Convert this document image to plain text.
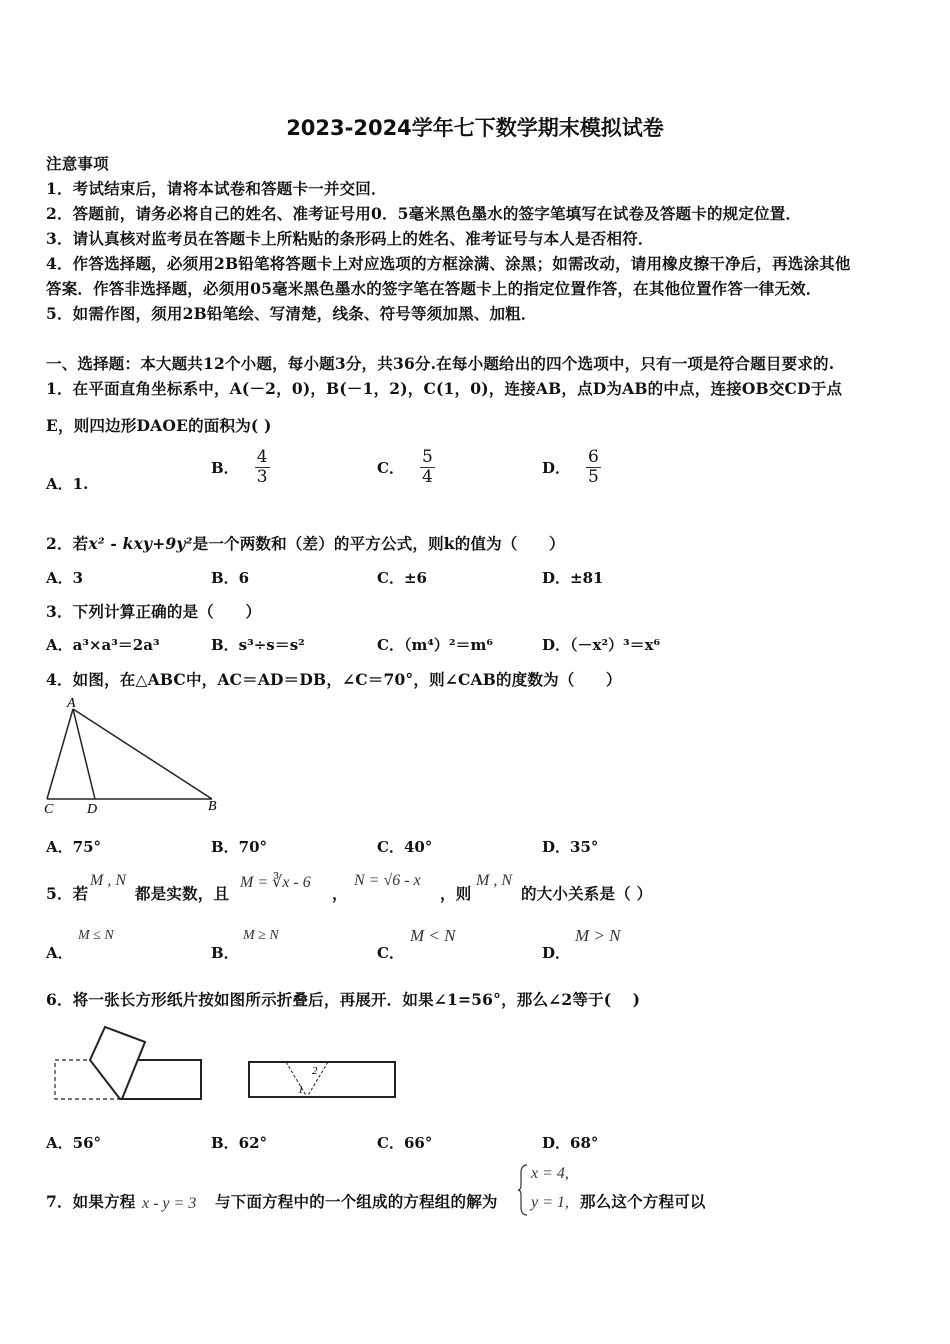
2023-2024学年七下数学期末模拟试卷
注意事项
1．考试结束后，请将本试卷和答题卡一并交回．
2．答题前，请务必将自己的姓名、准考证号用0．5毫米黑色墨水的签字笔填写在试卷及答题卡的规定位置．
3．请认真核对监考员在答题卡上所粘贴的条形码上的姓名、准考证号与本人是否相符．
4．作答选择题，必须用2B铅笔将答题卡上对应选项的方框涂满、涂黑；如需改动，请用橡皮擦干净后，再选涂其他
答案．作答非选择题，必须用05毫米黑色墨水的签字笔在答题卡上的指定位置作答，在其他位置作答一律无效．
5．如需作图，须用2B铅笔绘、写清楚，线条、符号等须加黑、加粗．
一、选择题：本大题共12个小题，每小题3分，共36分.在每小题给出的四个选项中，只有一项是符合题目要求的.
1．在平面直角坐标系中，A(－2，0)，B(－1，2)，C(1，0)，连接AB，点D为AB的中点，连接OB交CD于点
E，则四边形DAOE的面积为( )
A．1.
B． $\frac{4}{3}$	C． $\frac{5}{4}$	D． $\frac{6}{5}$
2．若x² - kxy+9y²是一个两数和（差）的平方公式，则k的值为（　　）
A．3	B．6	C．±6	D．±81
3．下列计算正确的是（　　）
A．a³×a³＝2a³	B．s³÷s＝s²	C．（m⁴）²＝m⁶	D．（－x²）³＝x⁶
4．如图，在△ABC中，AC＝AD＝DB，∠C＝70°，则∠CAB的度数为（　　）
A
C D	B
A．75°	B．70°	C．40°	D．35°
5．若
M , N
都是实数，且
M = ∛x - 6
，
N = √6 - x
，则
M , N
的大小关系是（ ）
A．
M ≤ N
B．
M ≥ N
C．
M < N
D．
M > N
6．将一张长方形纸片按如图所示折叠后，再展开．如果∠1=56°，那么∠2等于(　 )
2
1
A．56°	B．62°	C．66°	D．68°
7．如果方程 x - y = 3 与下面方程中的一个组成的方程组的解为
x = 4,
y = 1, 那么这个方程可以
